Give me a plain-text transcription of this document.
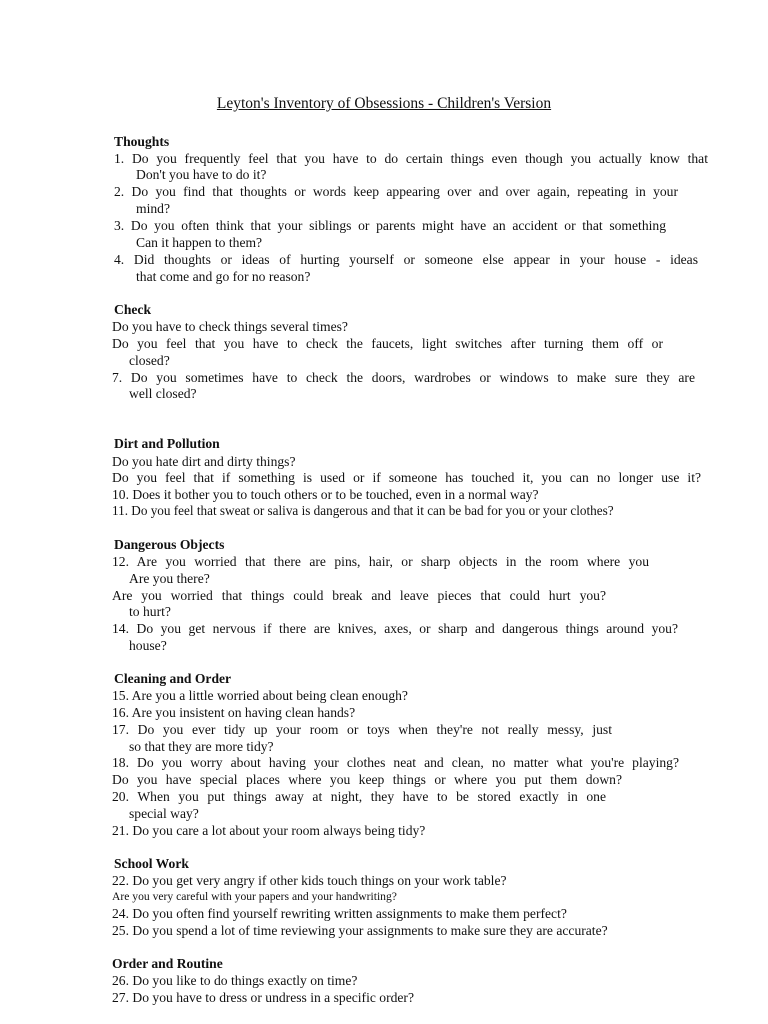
Leyton's Inventory of Obsessions - Children's Version
Thoughts
1. Do you frequently feel that you have to do certain things even though you actually know that
Don't you have to do it?
2. Do you find that thoughts or words keep appearing over and over again, repeating in your
mind?
3. Do you often think that your siblings or parents might have an accident or that something
Can it happen to them?
4. Did thoughts or ideas of hurting yourself or someone else appear in your house - ideas
that come and go for no reason?
Check
Do you have to check things several times?
Do you feel that you have to check the faucets, light switches after turning them off or
closed?
7. Do you sometimes have to check the doors, wardrobes or windows to make sure they are
well closed?
Dirt and Pollution
Do you hate dirt and dirty things?
Do you feel that if something is used or if someone has touched it, you can no longer use it?
10. Does it bother you to touch others or to be touched, even in a normal way?
11. Do you feel that sweat or saliva is dangerous and that it can be bad for you or your clothes?
Dangerous Objects
12. Are you worried that there are pins, hair, or sharp objects in the room where you
Are you there?
Are you worried that things could break and leave pieces that could hurt you?
to hurt?
14. Do you get nervous if there are knives, axes, or sharp and dangerous things around you?
house?
Cleaning and Order
15. Are you a little worried about being clean enough?
16. Are you insistent on having clean hands?
17. Do you ever tidy up your room or toys when they're not really messy, just
so that they are more tidy?
18. Do you worry about having your clothes neat and clean, no matter what you're playing?
Do you have special places where you keep things or where you put them down?
20. When you put things away at night, they have to be stored exactly in one
special way?
21. Do you care a lot about your room always being tidy?
School Work
22. Do you get very angry if other kids touch things on your work table?
Are you very careful with your papers and your handwriting?
24. Do you often find yourself rewriting written assignments to make them perfect?
25. Do you spend a lot of time reviewing your assignments to make sure they are accurate?
Order and Routine
26. Do you like to do things exactly on time?
27. Do you have to dress or undress in a specific order?
